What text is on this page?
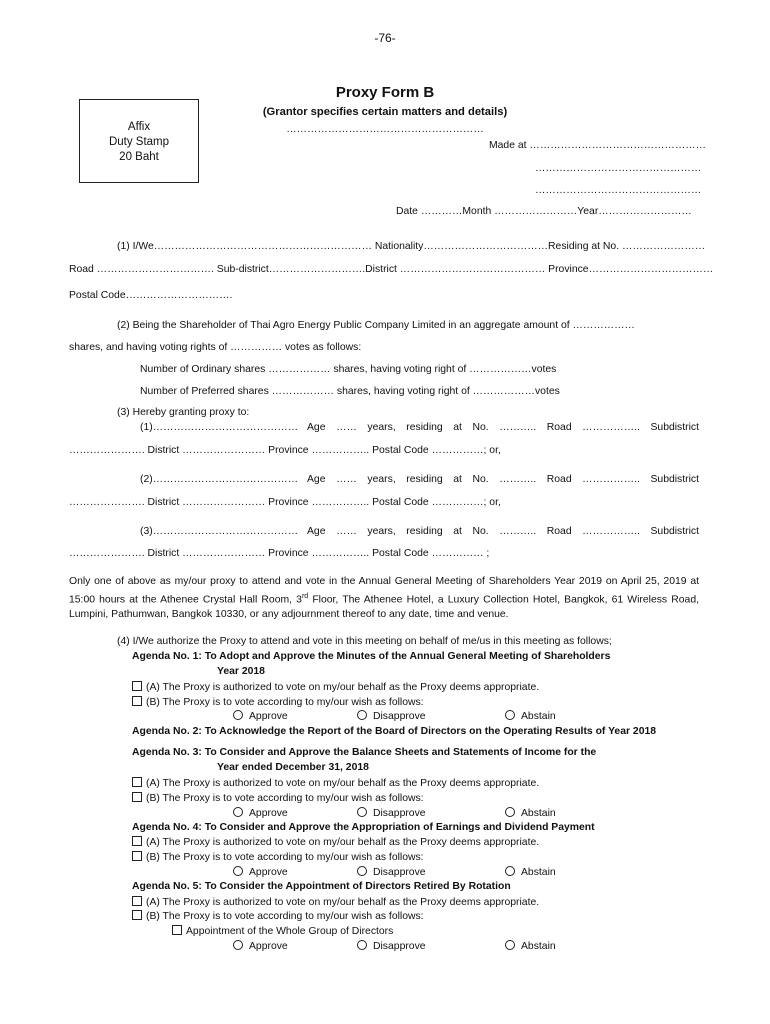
-76-
Proxy Form B
(Grantor specifies certain matters and details)
…………………………………………………
Affix
Duty Stamp
20 Baht
Made at ……………………………………………
…………………………………………
…………………………………………
Date …………Month ……………………Year………………………
(1) I/We……………………………………………………… Nationality………………………………Residing at No. ……………………
Road ……………………………. Sub-district……………………….District …………………………………… Province………………………………
Postal Code………………………….
(2) Being the Shareholder of Thai Agro Energy Public Company Limited in an aggregate amount of ………………
shares, and having voting rights of …………… votes as follows:
Number of Ordinary shares ……………… shares, having voting right of ………………votes
Number of Preferred shares ……………… shares, having voting right of ………………votes
(3) Hereby granting proxy to:
(1)…………………………………… Age …… years, residing at No. ……….. Road …………….. Subdistrict
…………………. District …………………… Province …………….. Postal Code ……………; or,
(2)…………………………………… Age …… years, residing at No. ……….. Road …………….. Subdistrict
…………………. District …………………… Province …………….. Postal Code ……………; or,
(3)…………………………………… Age …… years, residing at No. ……….. Road …………….. Subdistrict
…………………. District …………………… Province …………….. Postal Code …………… ;
Only one of above as my/our proxy to attend and vote in the Annual General Meeting of Shareholders Year 2019 on April 25, 2019 at 15:00 hours at the Athenee Crystal Hall Room, 3rd Floor, The Athenee Hotel, a Luxury Collection Hotel, Bangkok, 61 Wireless Road, Lumpini, Pathumwan, Bangkok 10330, or any adjournment thereof to any date, time and venue.
(4) I/We authorize the Proxy to attend and vote in this meeting on behalf of me/us in this meeting as follows;
Agenda No. 1: To Adopt and Approve the Minutes of the Annual General Meeting of Shareholders
Year 2018
(A) The Proxy is authorized to vote on my/our behalf as the Proxy deems appropriate.
(B) The Proxy is to vote according to my/our wish as follows:
Approve	Disapprove	Abstain
Agenda No. 2: To Acknowledge the Report of the Board of Directors on the Operating Results of Year 2018
Agenda No. 3: To Consider and Approve the Balance Sheets and Statements of Income for the
Year ended December 31, 2018
(A) The Proxy is authorized to vote on my/our behalf as the Proxy deems appropriate.
(B) The Proxy is to vote according to my/our wish as follows:
Approve	Disapprove	Abstain
Agenda No. 4: To Consider and Approve the Appropriation of Earnings and Dividend Payment
(A) The Proxy is authorized to vote on my/our behalf as the Proxy deems appropriate.
(B) The Proxy is to vote according to my/our wish as follows:
Approve	Disapprove	Abstain
Agenda No. 5: To Consider the Appointment of Directors Retired By Rotation
(A) The Proxy is authorized to vote on my/our behalf as the Proxy deems appropriate.
(B) The Proxy is to vote according to my/our wish as follows:
Appointment of the Whole Group of Directors
Approve	Disapprove	Abstain
